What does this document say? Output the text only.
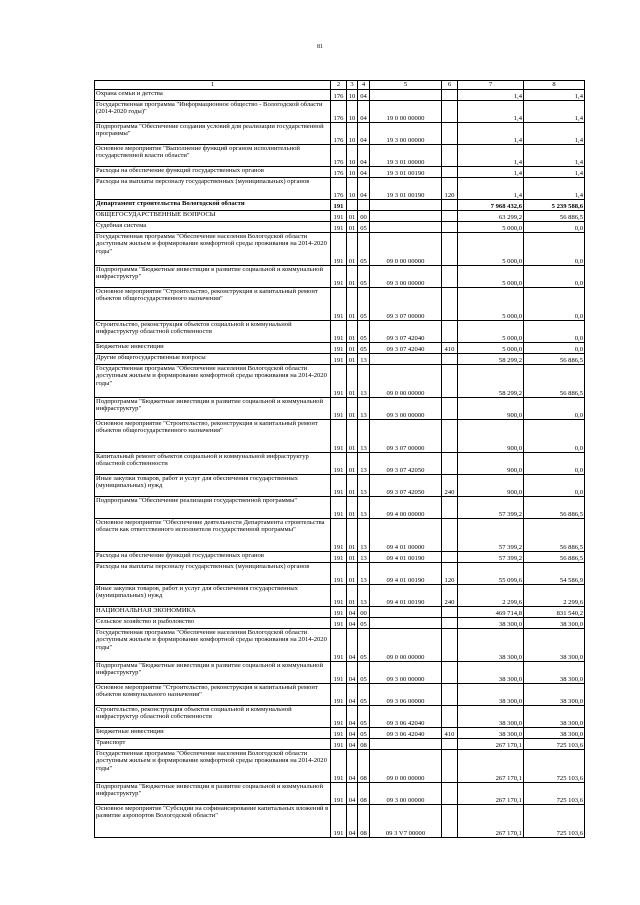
81
1	2	3	4	5	6	7	8
Охрана семьи и детства	176	10	04			1,4	1,4
Государственная программа "Информационное общество - Вологодской области (2014-2020 годы)"	176	10	04	19 0 00 00000		1,4	1,4
Подпрограмма "Обеспечение создания условий для реализации государственной программы"	176	10	04	19 3 00 00000		1,4	1,4
Основное мероприятие "Выполнение функций органом исполнительной государственной власти области"	176	10	04	19 3 01 00000		1,4	1,4
Расходы на обеспечение функций государственных органов	176	10	04	19 3 01 00190		1,4	1,4
Расходы на выплаты персоналу государственных (муниципальных) органов	176	10	04	19 3 01 00190	120	1,4	1,4
Департамент строительства Вологодской области	191					7 968 432,6	5 239 588,6
ОБЩЕГОСУДАРСТВЕННЫЕ ВОПРОСЫ	191	01	00			63 299,2	56 886,5
Судебная система	191	01	05			5 000,0	0,0
Государственная программа "Обеспечение населения Вологодской области доступным жильем и формирование комфортной среды проживания на 2014-2020 годы"	191	01	05	09 0 00 00000		5 000,0	0,0
Подпрограмма "Бюджетные инвестиции в развитие социальной и коммунальной инфраструктур"	191	01	05	09 3 00 00000		5 000,0	0,0
Основное мероприятие "Строительство, реконструкция и капитальный ремонт объектов общегосударственного назначения"	191	01	05	09 3 07 00000		5 000,0	0,0
Строительство, реконструкция объектов социальной и коммунальной инфраструктур областной собственности	191	01	05	09 3 07 42040		5 000,0	0,0
Бюджетные инвестиции	191	01	05	09 3 07 42040	410	5 000,0	0,0
Другие общегосударственные вопросы	191	01	13			58 299,2	56 886,5
Государственная программа "Обеспечение населения Вологодской области доступным жильем и формирование комфортной среды проживания на 2014-2020 годы"	191	01	13	09 0 00 00000		58 299,2	56 886,5
Подпрограмма "Бюджетные инвестиции в развитие социальной и коммунальной инфраструктур"	191	01	13	09 3 00 00000		900,0	0,0
Основное мероприятие "Строительство, реконструкция и капитальный ремонт объектов общегосударственного назначения"	191	01	13	09 3 07 00000		900,0	0,0
Капитальный ремонт объектов социальной и коммунальной инфраструктур областной собственности	191	01	13	09 3 07 42050		900,0	0,0
Иные закупки товаров, работ и услуг для обеспечения государственных (муниципальных) нужд	191	01	13	09 3 07 42050	240	900,0	0,0
Подпрограмма "Обеспечение реализации государственной программы"	191	01	13	09 4 00 00000		57 399,2	56 886,5
Основное мероприятие "Обеспечение деятельности Департамента строительства области как ответственного исполнителя государственной программы"	191	01	13	09 4 01 00000		57 399,2	56 886,5
Расходы на обеспечение функций государственных органов	191	01	13	09 4 01 00190		57 399,2	56 886,5
Расходы на выплаты персоналу государственных (муниципальных) органов	191	01	13	09 4 01 00190	120	55 099,6	54 586,9
Иные закупки товаров, работ и услуг для обеспечения государственных (муниципальных) нужд	191	01	13	09 4 01 00190	240	2 299,6	2 299,6
НАЦИОНАЛЬНАЯ ЭКОНОМИКА	191	04	00			469 714,8	831 540,2
Сельское хозяйство и рыболовство	191	04	05			38 300,0	38 300,0
Государственная программа "Обеспечение населения Вологодской области доступным жильем и формирование комфортной среды проживания на 2014-2020 годы"	191	04	05	09 0 00 00000		38 300,0	38 300,0
Подпрограмма "Бюджетные инвестиции в развитие социальной и коммунальной инфраструктур"	191	04	05	09 3 00 00000		38 300,0	38 300,0
Основное мероприятие "Строительство, реконструкция и капитальный ремонт объектов коммунального назначения"	191	04	05	09 3 06 00000		38 300,0	38 300,0
Строительство, реконструкция объектов социальной и коммунальной инфраструктур областной собственности	191	04	05	09 3 06 42040		38 300,0	38 300,0
Бюджетные инвестиции	191	04	05	09 3 06 42040	410	38 300,0	38 300,0
Транспорт	191	04	08			267 170,1	725 103,6
Государственная программа "Обеспечение населения Вологодской области доступным жильем и формирование комфортной среды проживания на 2014-2020 годы"	191	04	08	09 0 00 00000		267 170,1	725 103,6
Подпрограмма "Бюджетные инвестиции в развитие социальной и коммунальной инфраструктур"	191	04	08	09 3 00 00000		267 170,1	725 103,6
Основное мероприятие "Субсидии на софинансирование капитальных вложений в развитие аэропортов Вологодской области"	191	04	08	09 3 V7 00000		267 170,1	725 103,6
